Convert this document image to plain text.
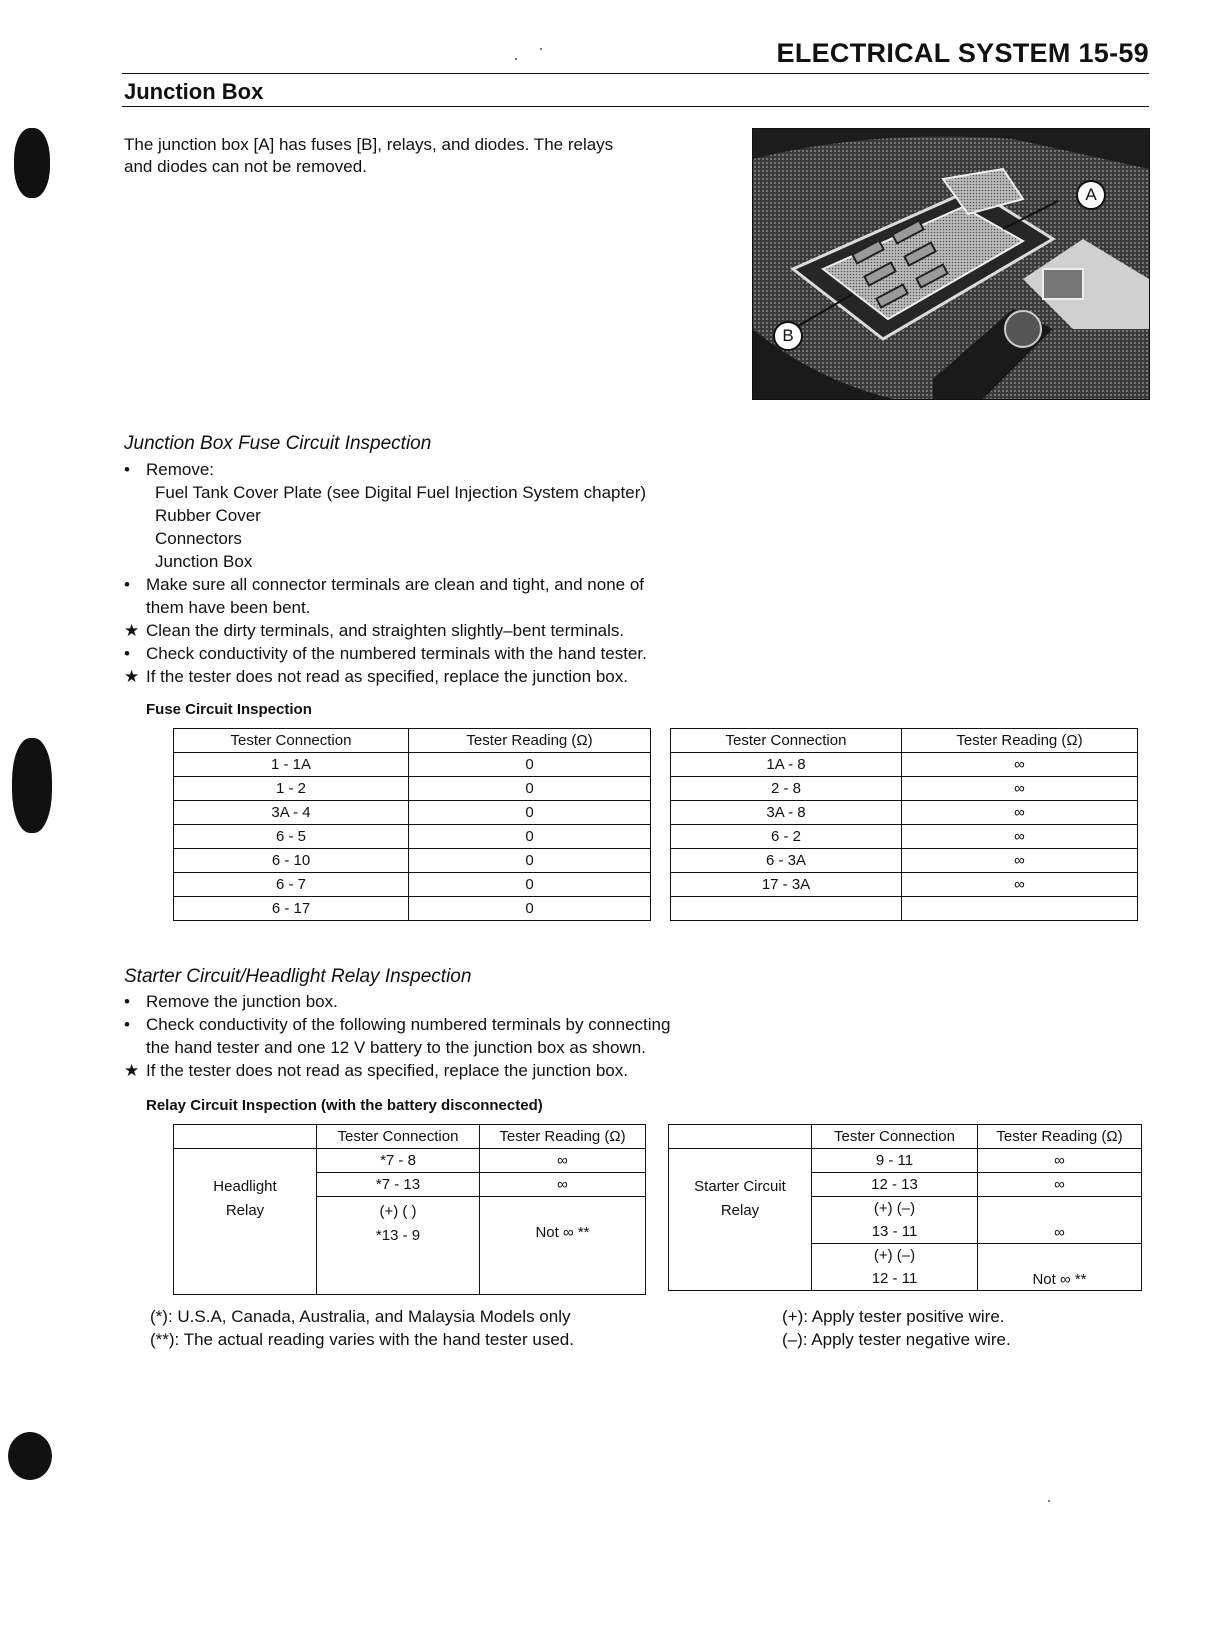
ELECTRICAL SYSTEM 15-59
Junction Box
The junction box [A] has fuses [B], relays, and diodes. The relays
and diodes can not be removed.
A
B
Junction Box Fuse Circuit Inspection
• Remove:
Fuel Tank Cover Plate (see Digital Fuel Injection System chapter)
Rubber Cover
Connectors
Junction Box
• Make sure all connector terminals are clean and tight, and none of
them have been bent.
★ Clean the dirty terminals, and straighten slightly–bent terminals.
• Check conductivity of the numbered terminals with the hand tester.
★ If the tester does not read as specified, replace the junction box.
Fuse Circuit Inspection
Tester Connection	Tester Reading (Ω)
1 - 1A	0
1 - 2	0
3A - 4	0
6 - 5	0
6 - 10	0
6 - 7	0
6 - 17	0
Tester Connection	Tester Reading (Ω)
1A - 8	∞
2 - 8	∞
3A - 8	∞
6 - 2	∞
6 - 3A	∞
17 - 3A	∞

Starter Circuit/Headlight Relay Inspection
• Remove the junction box.
• Check conductivity of the following numbered terminals by connecting
the hand tester and one 12 V battery to the junction box as shown.
★ If the tester does not read as specified, replace the junction box.
Relay Circuit Inspection (with the battery disconnected)
	Tester Connection	Tester Reading (Ω)

Headlight
Relay	*7 - 8	∞
	*7 - 13	∞

	(+) ( )
*13 - 9	Not ∞ **

	Tester Connection	Tester Reading (Ω)

Starter Circuit
Relay	9 - 11	∞
	12 - 13	∞

	(+) (–)
13 - 11	∞

	(+) (–)
12 - 11	Not ∞ **
(*): U.S.A, Canada, Australia, and Malaysia Models only
(**): The actual reading varies with the hand tester used.
(+): Apply tester positive wire.
(–): Apply tester negative wire.
